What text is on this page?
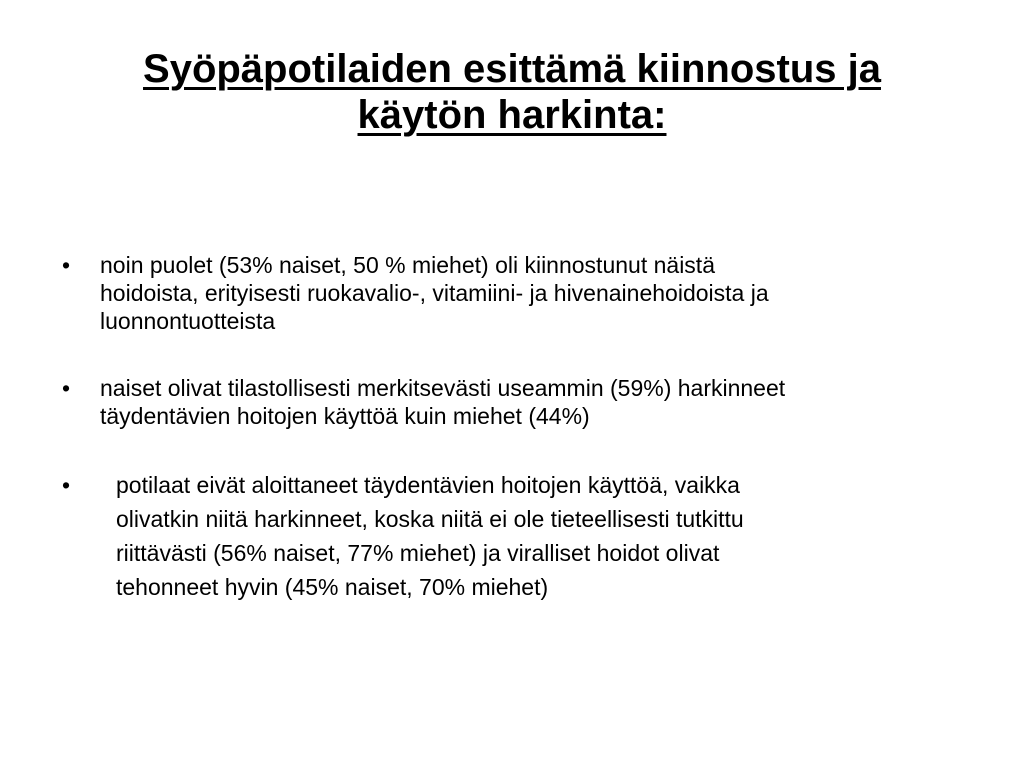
Syöpäpotilaiden esittämä kiinnostus ja
käytön harkinta:
•	noin puolet (53% naiset, 50 % miehet) oli kiinnostunut näistä
hoidoista, erityisesti ruokavalio-, vitamiini- ja hivenainehoidoista ja
luonnontuotteista
•	naiset olivat tilastollisesti merkitsevästi useammin (59%) harkinneet
täydentävien hoitojen käyttöä kuin miehet (44%)
•	potilaat eivät aloittaneet täydentävien hoitojen käyttöä, vaikka
olivatkin niitä harkinneet, koska niitä ei ole tieteellisesti tutkittu
riittävästi (56% naiset, 77% miehet) ja viralliset hoidot olivat
tehonneet hyvin (45% naiset, 70% miehet)
